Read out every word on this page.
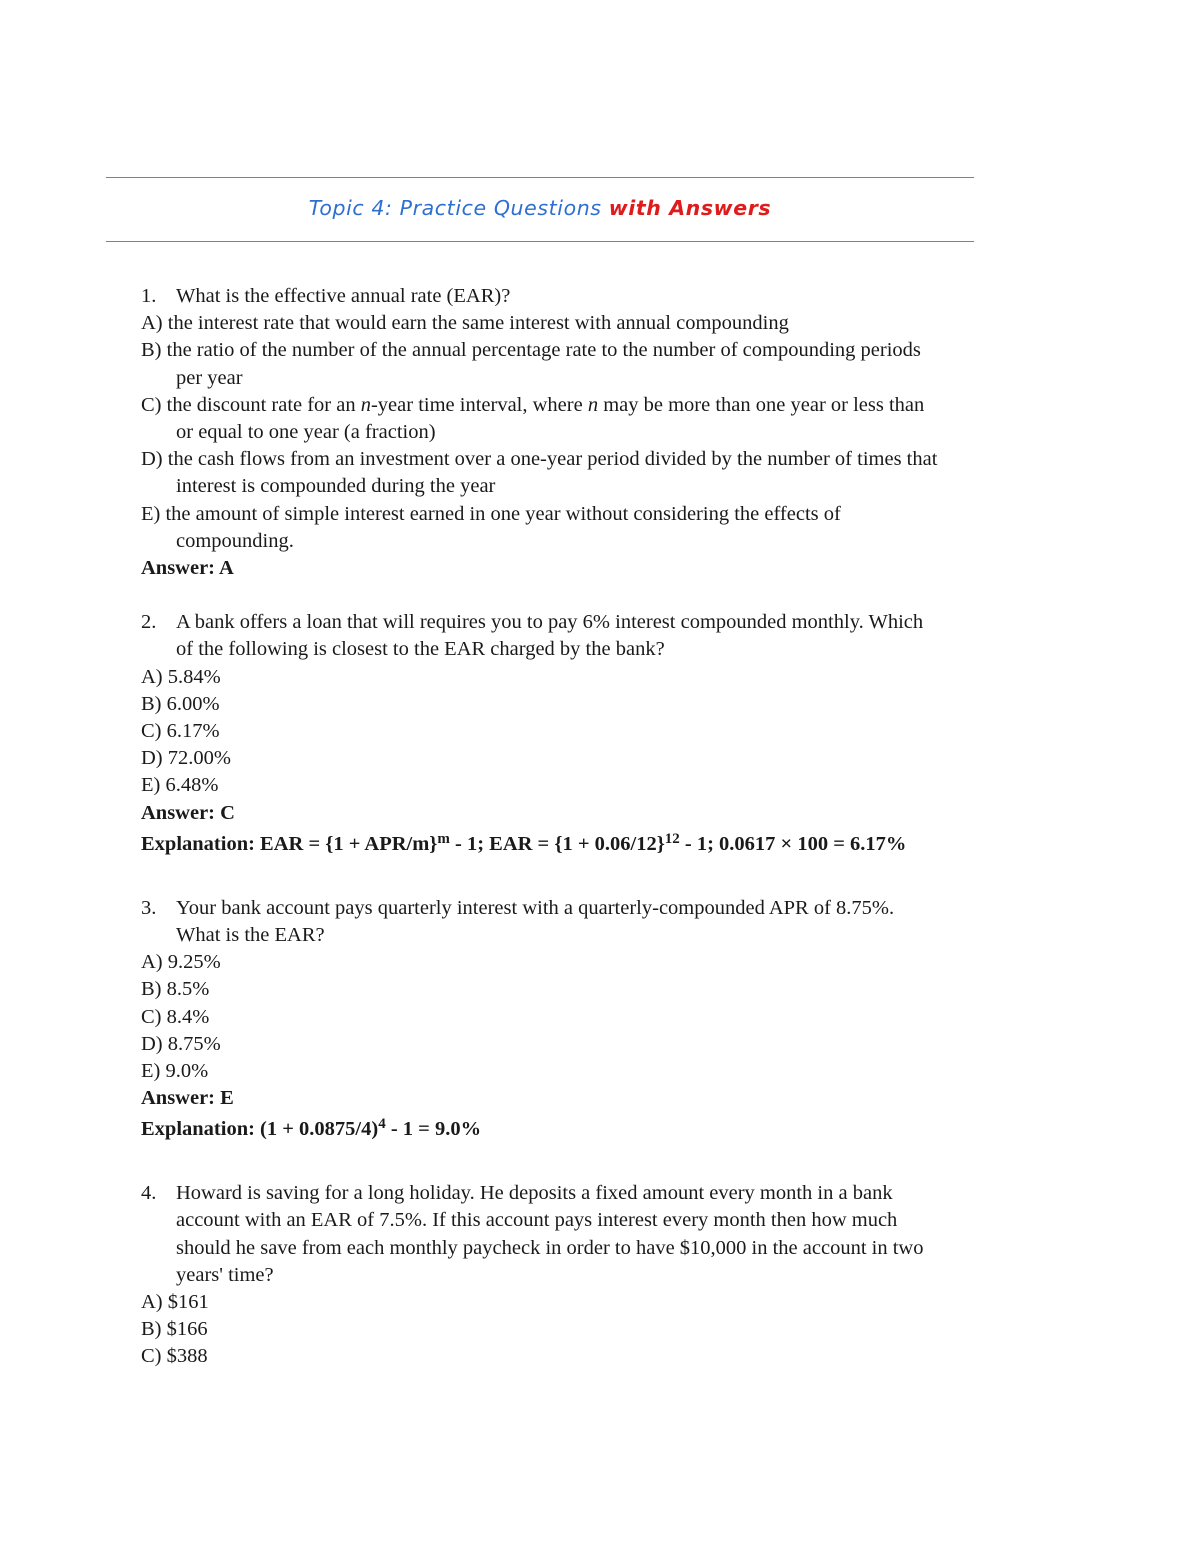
Topic 4: Practice Questions with Answers
1. What is the effective annual rate (EAR)?
A) the interest rate that would earn the same interest with annual compounding
B) the ratio of the number of the annual percentage rate to the number of compounding periods
per year
C) the discount rate for an n-year time interval, where n may be more than one year or less than
or equal to one year (a fraction)
D) the cash flows from an investment over a one-year period divided by the number of times that
interest is compounded during the year
E) the amount of simple interest earned in one year without considering the effects of
compounding.
Answer: A
2. A bank offers a loan that will requires you to pay 6% interest compounded monthly. Which
of the following is closest to the EAR charged by the bank?
A) 5.84%
B) 6.00%
C) 6.17%
D) 72.00%
E) 6.48%
Answer: C
Explanation: EAR = {1 + APR/$m\}^m - 1$; EAR = $\{1 + 0.06/12\}^{12} - 1$; 0.0617 × 100 = 6.17%
3. Your bank account pays quarterly interest with a quarterly-compounded APR of 8.75%.
What is the EAR?
A) 9.25%
B) 8.5%
C) 8.4%
D) 8.75%
E) 9.0%
Answer: E
Explanation: $(1 + 0.0875/4)^4 - 1 = 9.0\%$
4. Howard is saving for a long holiday. He deposits a fixed amount every month in a bank
account with an EAR of 7.5%. If this account pays interest every month then how much
should he save from each monthly paycheck in order to have $10,000 in the account in two
years' time?
A) $161
B) $166
C) $388
